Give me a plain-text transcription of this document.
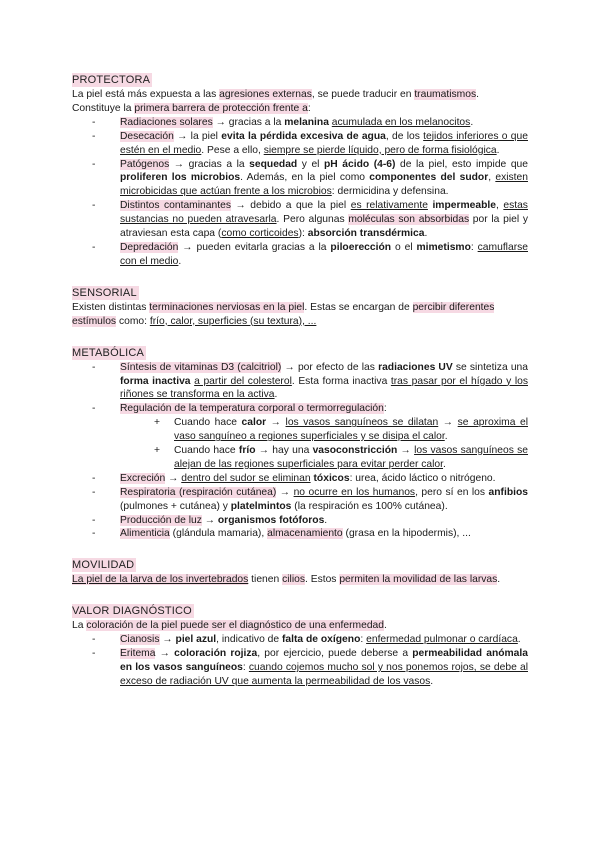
PROTECTORA

La piel está más expuesta a las agresiones externas, se puede traducir en traumatismos. Constituye la primera barrera de protección frente a:

- Radiaciones solares → gracias a la melanina acumulada en los melanocitos.
- Desecación → la piel evita la pérdida excesiva de agua, de los tejidos inferiores o que estén en el medio. Pese a ello, siempre se pierde líquido, pero de forma fisiológica.
- Patógenos → gracias a la sequedad y el pH ácido (4-6) de la piel, esto impide que proliferen los microbios. Además, en la piel como componentes del sudor, existen microbicidas que actúan frente a los microbios: dermicidina y defensina.
- Distintos contaminantes → debido a que la piel es relativamente impermeable, estas sustancias no pueden atravesarla. Pero algunas moléculas son absorbidas por la piel y atraviesan esta capa (como corticoides): absorción transdérmica.
- Depredación → pueden evitarla gracias a la piloerección o el mimetismo: camuflarse con el medio.
SENSORIAL

Existen distintas terminaciones nerviosas en la piel. Estas se encargan de percibir diferentes estímulos como: frío, calor, superficies (su textura), ...

METABÓLICA
- Síntesis de vitaminas D3 (calcitriol) → por efecto de las radiaciones UV se sintetiza una forma inactiva a partir del colesterol. Esta forma inactiva tras pasar por el hígado y los riñones se transforma en la activa.
- Regulación de la temperatura corporal o termorregulación:
+ Cuando hace calor → los vasos sanguíneos se dilatan → se aproxima el vaso sanguíneo a regiones superficiales y se disipa el calor.
+ Cuando hace frío → hay una vasoconstricción → los vasos sanguíneos se alejan de las regiones superficiales para evitar perder calor.
- Excreción → dentro del sudor se eliminan tóxicos: urea, ácido láctico o nitrógeno.
- Respiratoria (respiración cutánea) → no ocurre en los humanos, pero sí en los anfibios (pulmones + cutánea) y platelmintos (la respiración es 100% cutánea).
- Producción de luz → organismos fotóforos.
- Alimenticia (glándula mamaria), almacenamiento (grasa en la hipodermis), ...
MOVILIDAD

La piel de la larva de los invertebrados tienen cilios. Estos permiten la movilidad de las larvas.

VALOR DIAGNÓSTICO

La coloración de la piel puede ser el diagnóstico de una enfermedad.

- Cianosis → piel azul, indicativo de falta de oxígeno: enfermedad pulmonar o cardíaca.
- Eritema → coloración rojiza, por ejercicio, puede deberse a permeabilidad anómala en los vasos sanguíneos: cuando cojemos mucho sol y nos ponemos rojos, se debe al exceso de radiación UV que aumenta la permeabilidad de los vasos.
